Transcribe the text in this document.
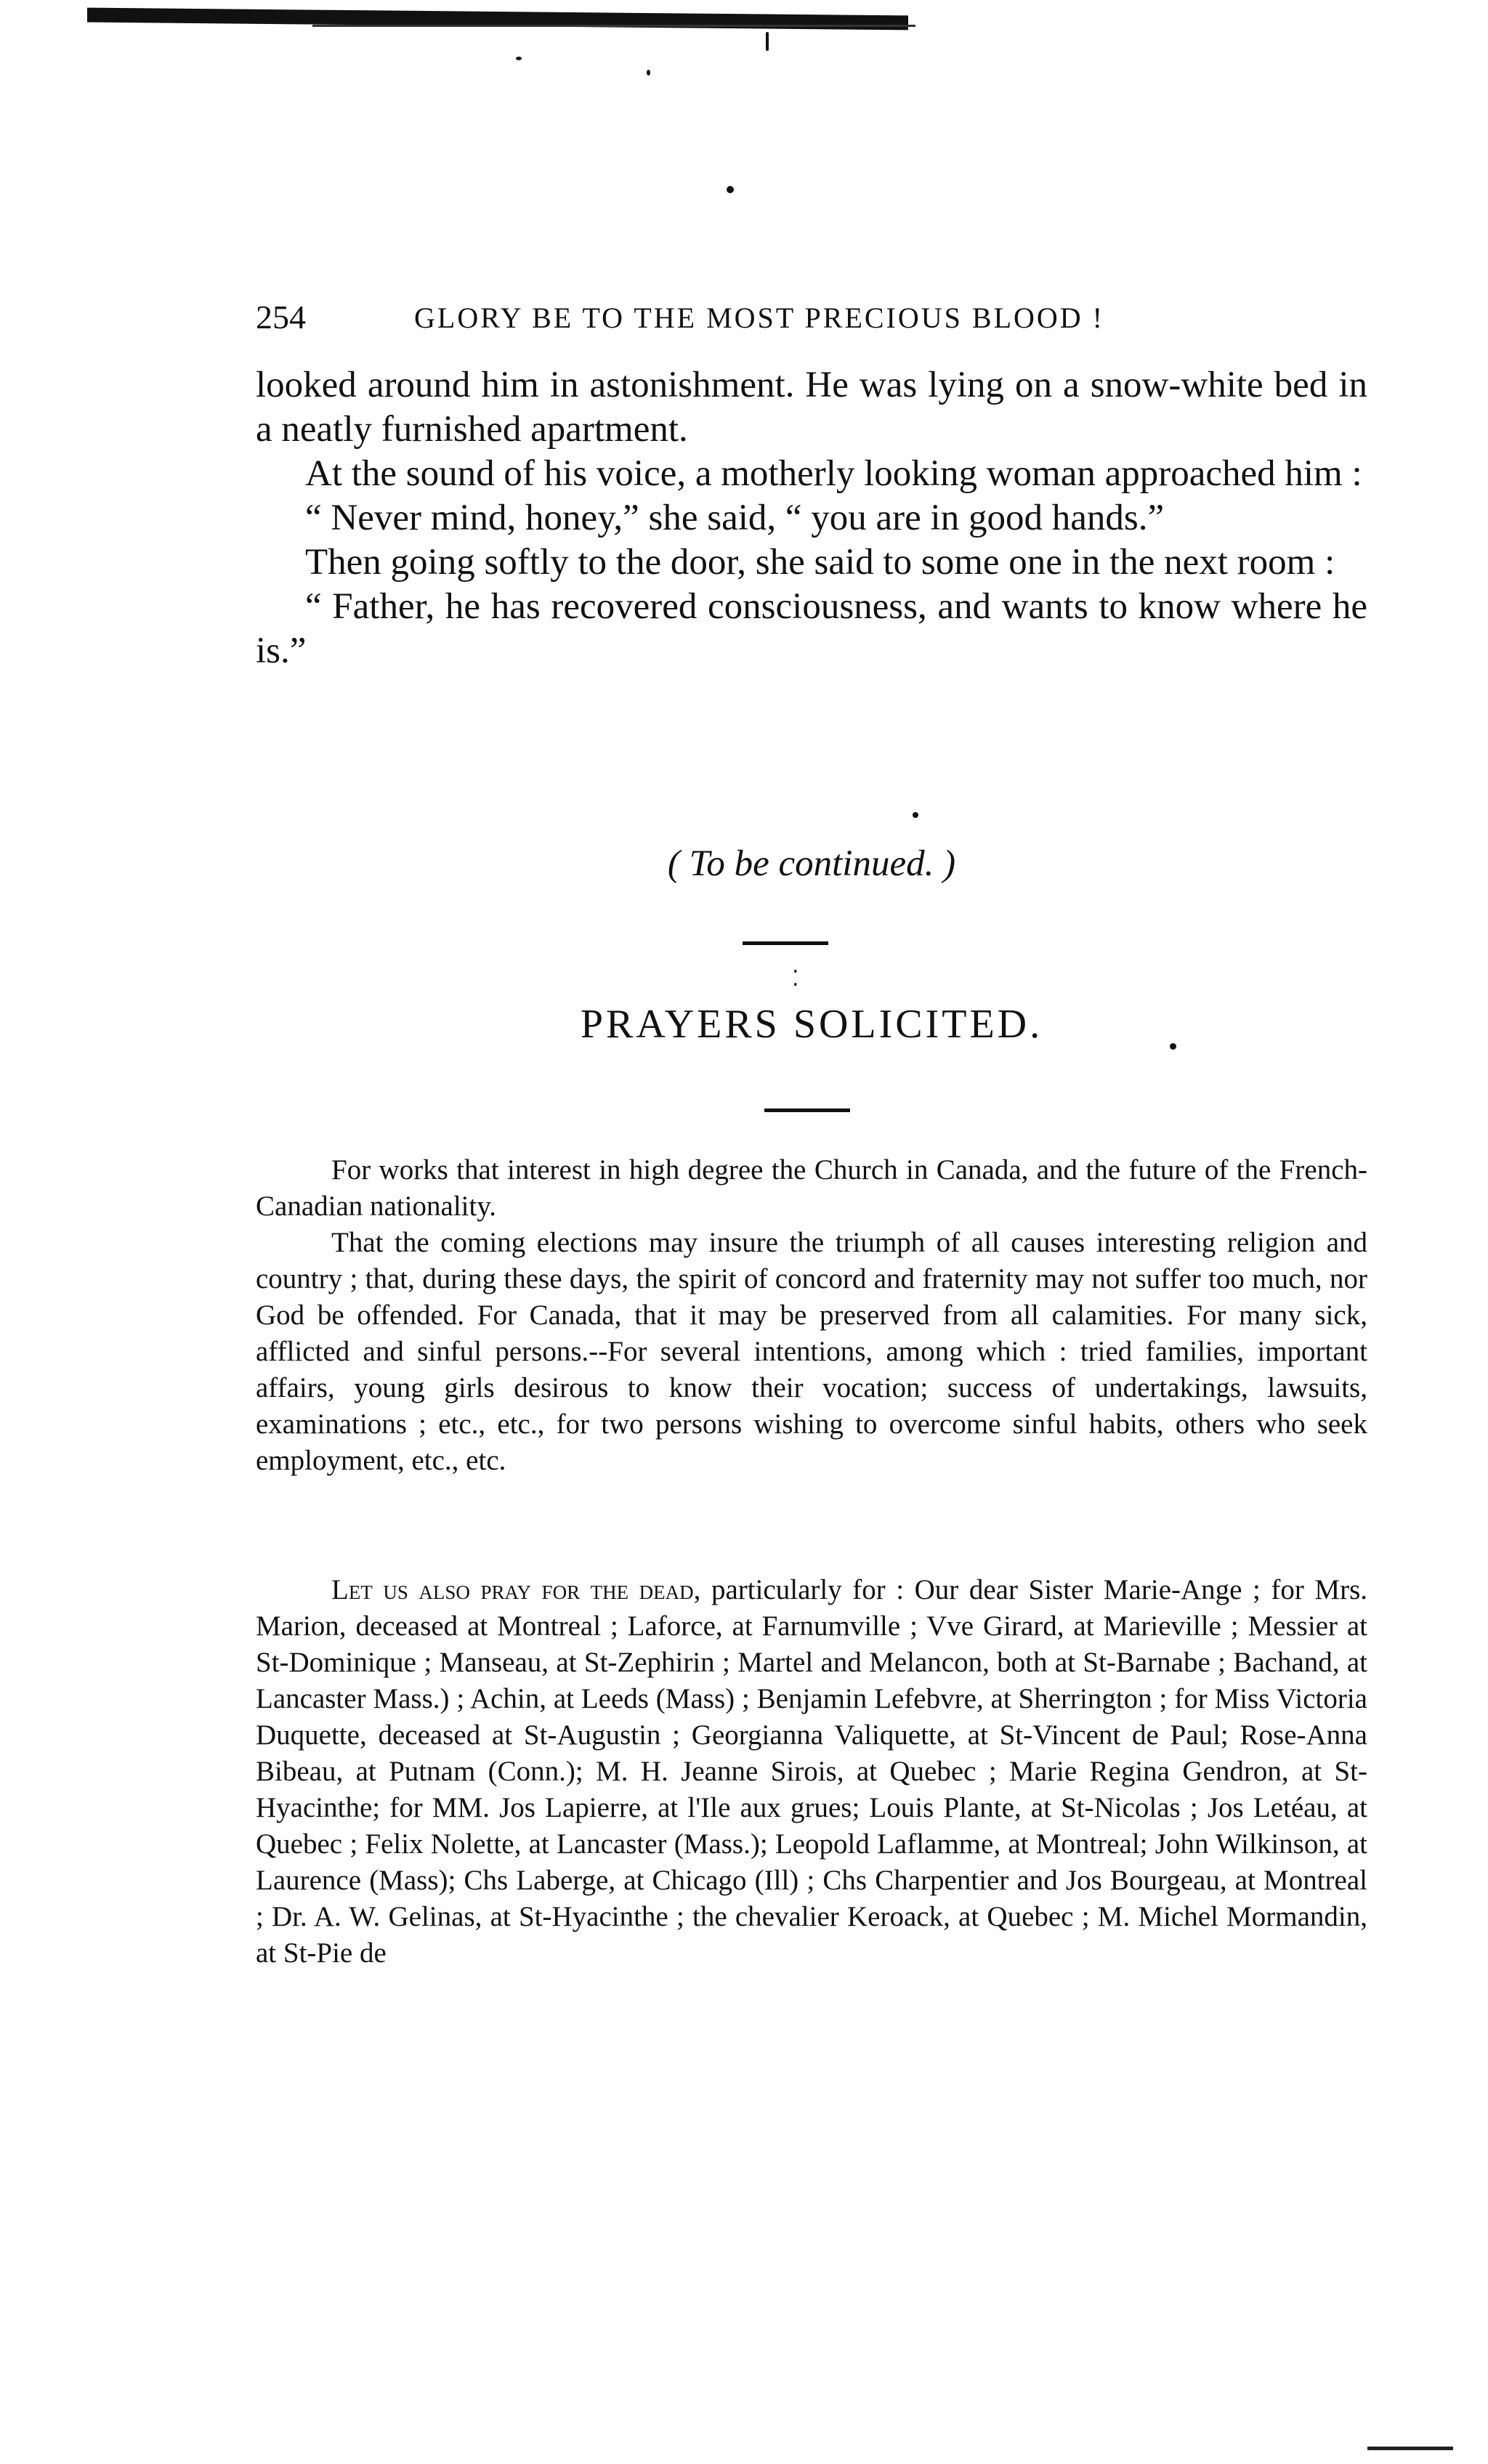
254	GLORY BE TO THE MOST PRECIOUS BLOOD !

looked around him in astonishment. He was lying on a snow-white bed in a neatly furnished apartment.

At the sound of his voice, a motherly looking woman approached him :

“ Never mind, honey,” she said, “ you are in good hands.”

Then going softly to the door, she said to some one in the next room :

“ Father, he has recovered consciousness, and wants to know where he is.”

( To be continued. )
⁚
PRAYERS SOLICITED.

For works that interest in high degree the Church in Canada, and the future of the French-Canadian nationality.

That the coming elections may insure the triumph of all causes interesting religion and country ; that, during these days, the spirit of concord and fraternity may not suffer too much, nor God be offended. For Canada, that it may be preserved from all calamities. For many sick, afflicted and sinful persons.--For several intentions, among which : tried families, important affairs, young girls desirous to know their vocation; success of undertakings, lawsuits, examinations ; etc., etc., for two persons wishing to overcome sinful habits, others who seek employment, etc., etc.

Let us also pray for the dead, particularly for : Our dear Sister Marie-Ange ; for Mrs. Marion, deceased at Montreal ; Laforce, at Farnumville ; Vve Girard, at Marieville ; Messier at St-Dominique ; Manseau, at St-Zephirin ; Martel and Melancon, both at St-Barnabe ; Bachand, at Lancaster Mass.) ; Achin, at Leeds (Mass) ; Benjamin Lefebvre, at Sherrington ; for Miss Victoria Duquette, deceased at St-Augustin ; Georgianna Valiquette, at St-Vincent de Paul; Rose-Anna Bibeau, at Putnam (Conn.); M. H. Jeanne Sirois, at Quebec ; Marie Regina Gendron, at St-Hyacinthe; for MM. Jos Lapierre, at l'Ile aux grues; Louis Plante, at St-Nicolas ; Jos Letéau, at Quebec ; Felix Nolette, at Lancaster (Mass.); Leopold Laflamme, at Montreal; John Wilkinson, at Laurence (Mass); Chs Laberge, at Chicago (Ill) ; Chs Charpentier and Jos Bourgeau, at Montreal ; Dr. A. W. Gelinas, at St-Hyacinthe ; the chevalier Keroack, at Quebec ; M. Michel Mormandin, at St-Pie de
